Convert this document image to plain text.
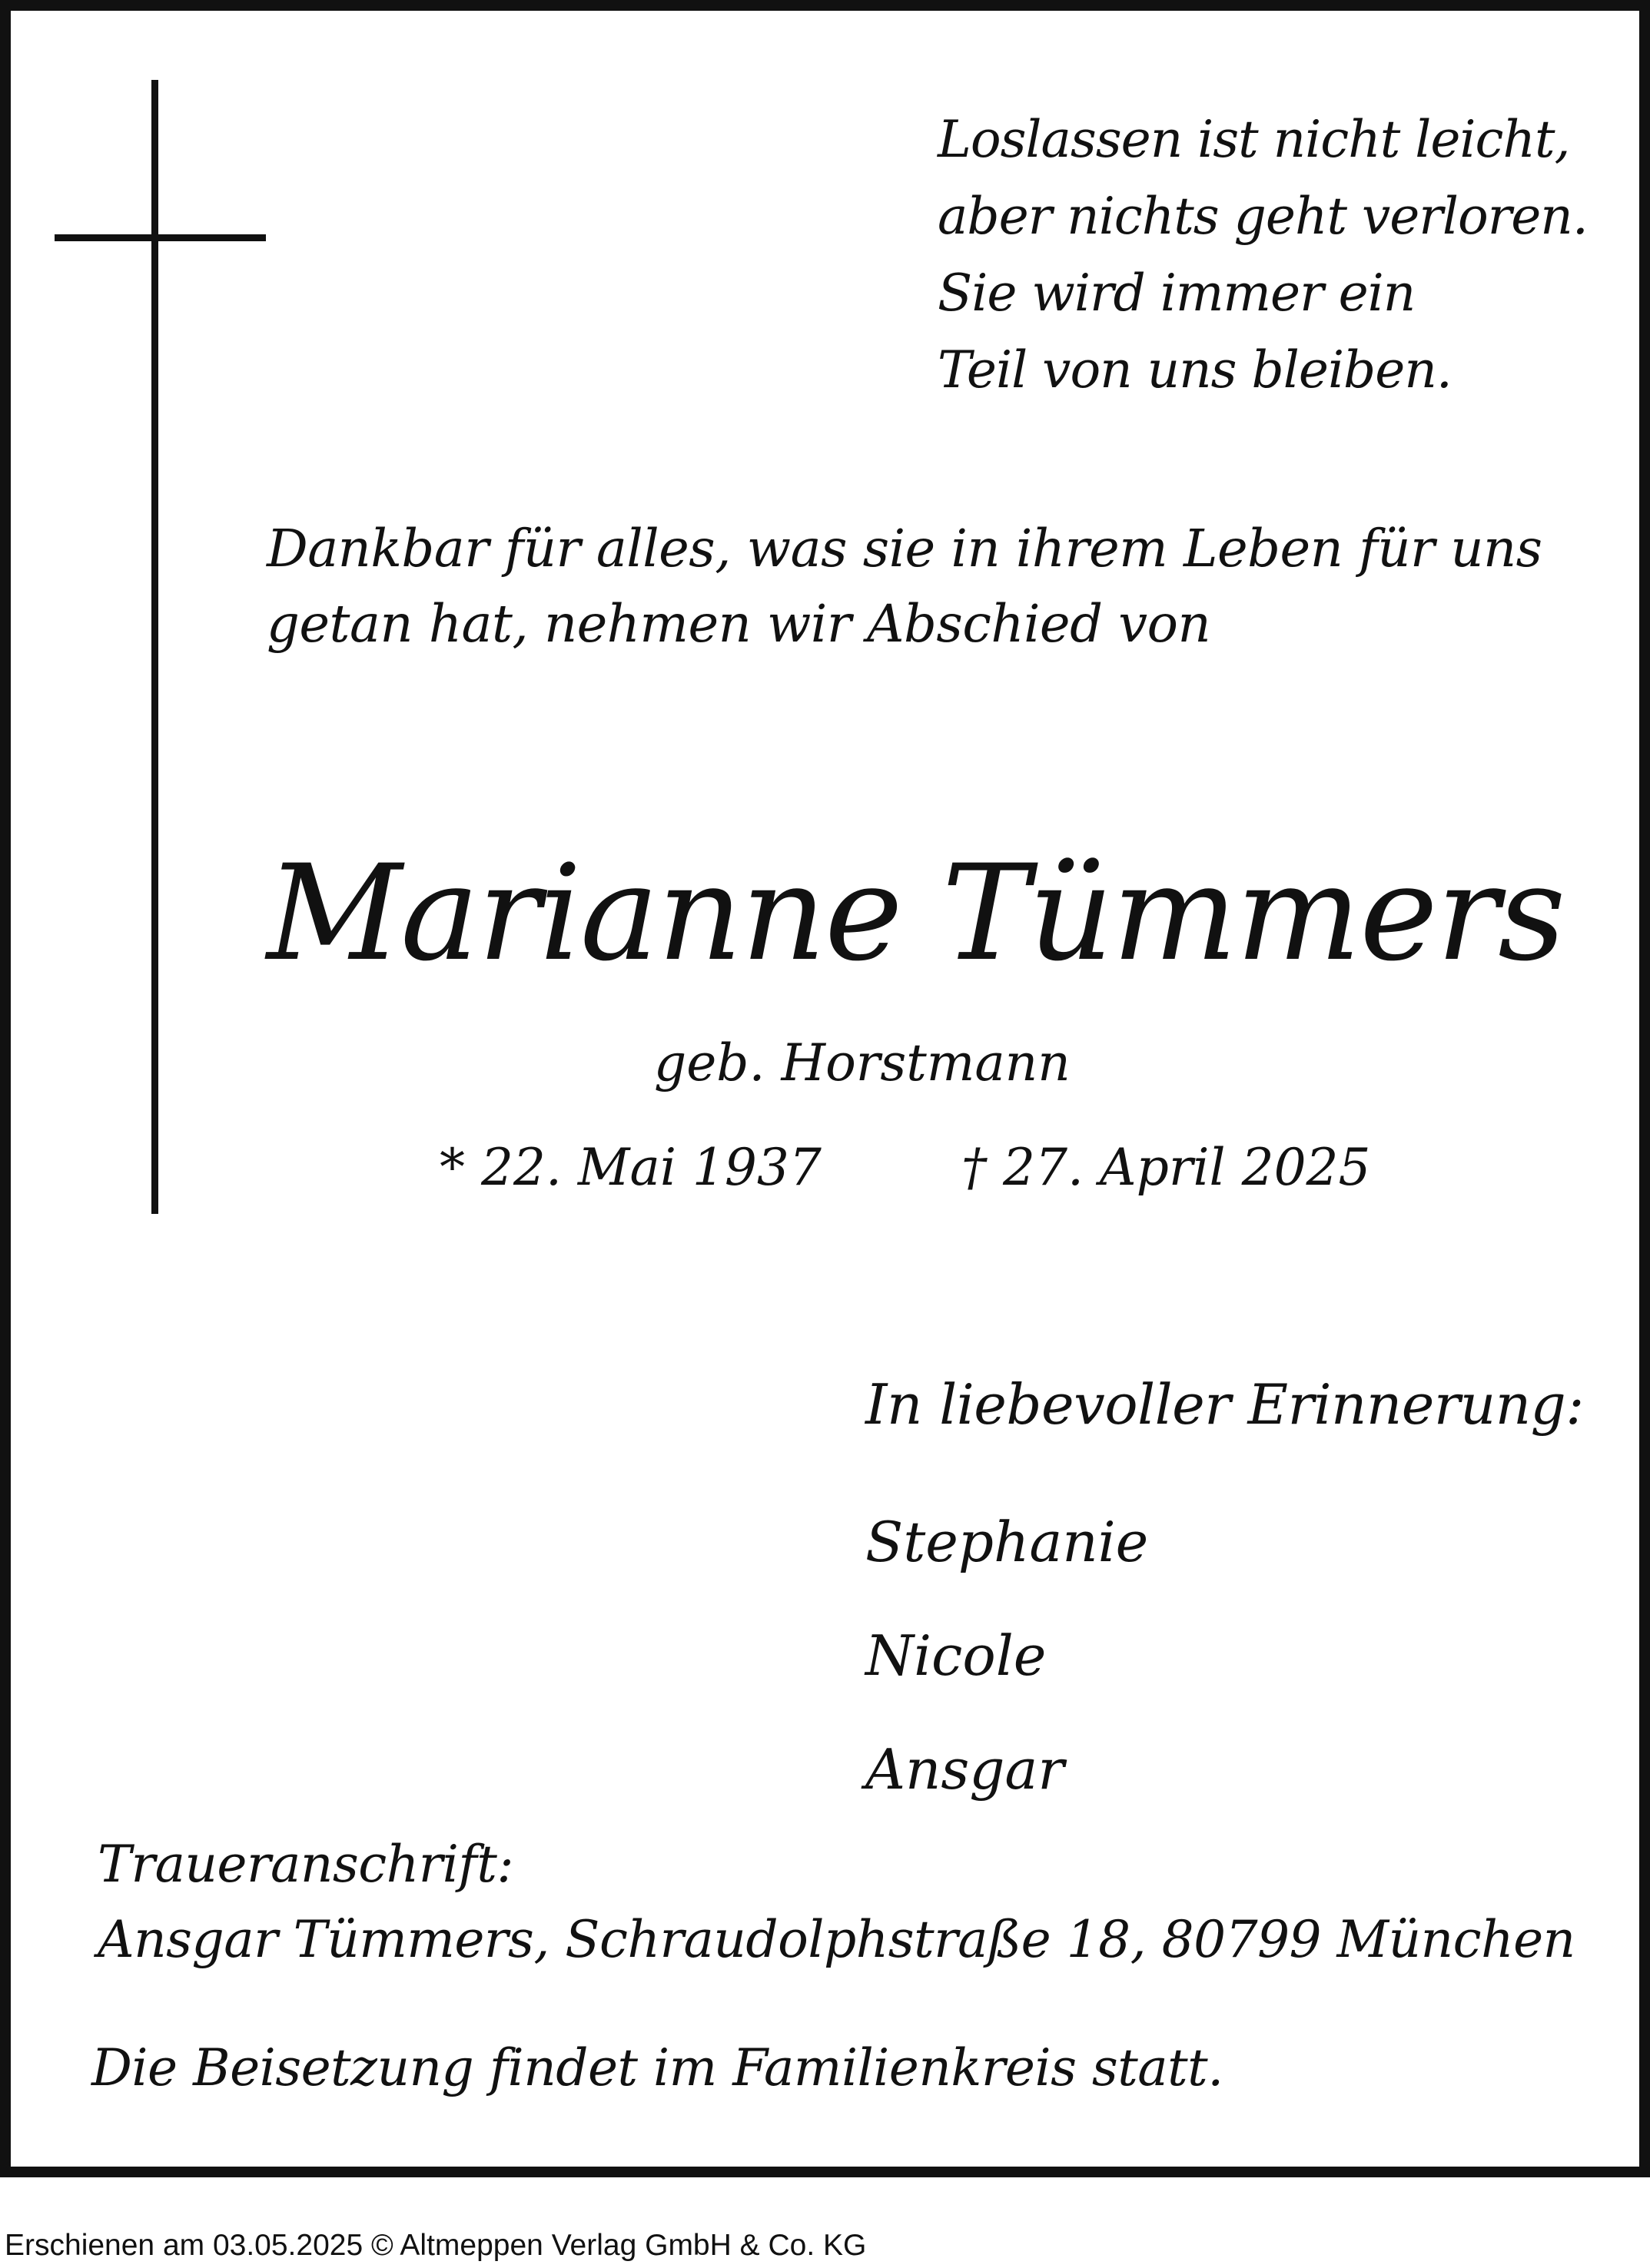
Loslassen ist nicht leicht,
aber nichts geht verloren.
Sie wird immer ein
Teil von uns bleiben.
Dankbar für alles, was sie in ihrem Leben für uns
getan hat, nehmen wir Abschied von
Marianne Tümmers
geb. Horstmann
* 22. Mai 1937	† 27. April 2025
In liebevoller Erinnerung:
Stephanie
Nicole
Ansgar
Traueranschrift:
Ansgar Tümmers, Schraudolphstraße 18, 80799 München
Die Beisetzung findet im Familienkreis statt.
Erschienen am 03.05.2025 © Altmeppen Verlag GmbH & Co. KG
